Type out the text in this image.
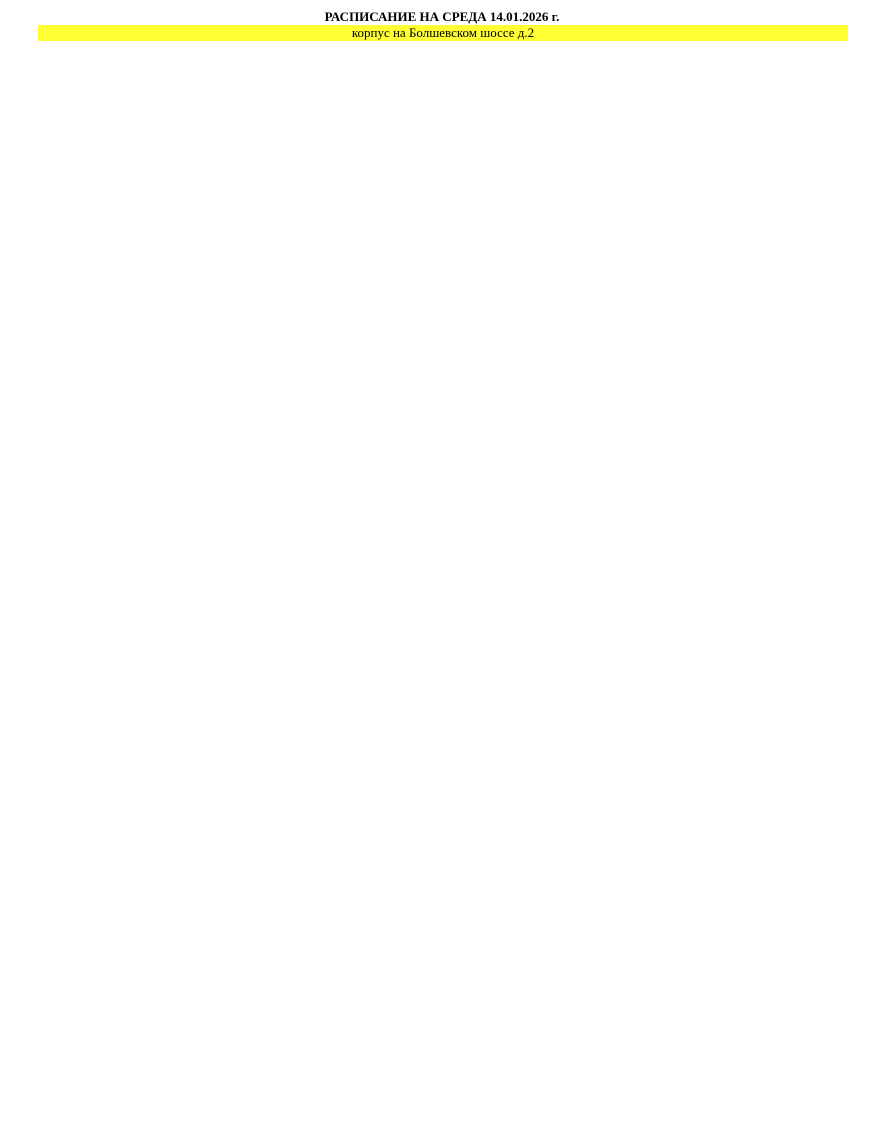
РАСПИСАНИЕ НА СРЕДА 14.01.2026 г.
корпус на Болшевском шоссе д.2
